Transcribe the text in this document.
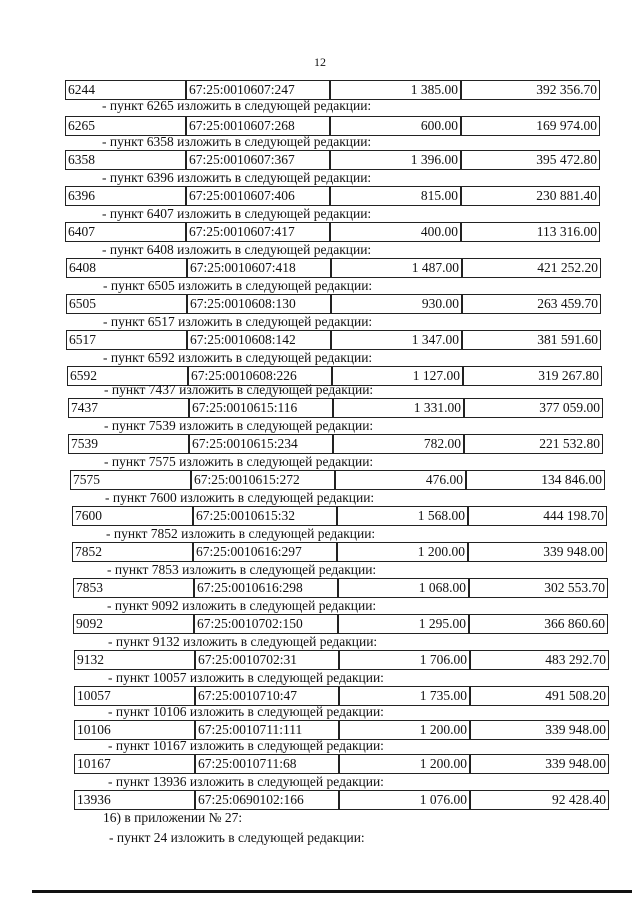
12
6244	67:25:0010607:247	1 385.00	392 356.70
6265	67:25:0010607:268	600.00	169 974.00
6358	67:25:0010607:367	1 396.00	395 472.80
6396	67:25:0010607:406	815.00	230 881.40
6407	67:25:0010607:417	400.00	113 316.00
6408	67:25:0010607:418	1 487.00	421 252.20
6505	67:25:0010608:130	930.00	263 459.70
6517	67:25:0010608:142	1 347.00	381 591.60
6592	67:25:0010608:226	1 127.00	319 267.80
7437	67:25:0010615:116	1 331.00	377 059.00
7539	67:25:0010615:234	782.00	221 532.80
7575	67:25:0010615:272	476.00	134 846.00
7600	67:25:0010615:32	1 568.00	444 198.70
7852	67:25:0010616:297	1 200.00	339 948.00
7853	67:25:0010616:298	1 068.00	302 553.70
9092	67:25:0010702:150	1 295.00	366 860.60
9132	67:25:0010702:31	1 706.00	483 292.70
10057	67:25:0010710:47	1 735.00	491 508.20
10106	67:25:0010711:111	1 200.00	339 948.00
10167	67:25:0010711:68	1 200.00	339 948.00
13936	67:25:0690102:166	1 076.00	92 428.40
- пункт 6265 изложить в следующей редакции:
- пункт 6358 изложить в следующей редакции:
- пункт 6396 изложить в следующей редакции:
- пункт 6407 изложить в следующей редакции:
- пункт 6408 изложить в следующей редакции:
- пункт 6505 изложить в следующей редакции:
- пункт 6517 изложить в следующей редакции:
- пункт 6592 изложить в следующей редакции:
- пункт 7437 изложить в следующей редакции:
- пункт 7539 изложить в следующей редакции:
- пункт 7575 изложить в следующей редакции:
- пункт 7600 изложить в следующей редакции:
- пункт 7852 изложить в следующей редакции:
- пункт 7853 изложить в следующей редакции:
- пункт 9092 изложить в следующей редакции:
- пункт 9132 изложить в следующей редакции:
- пункт 10057 изложить в следующей редакции:
- пункт 10106 изложить в следующей редакции:
- пункт 10167 изложить в следующей редакции:
- пункт 13936 изложить в следующей редакции:
16) в приложении № 27:
- пункт 24 изложить в следующей редакции:
